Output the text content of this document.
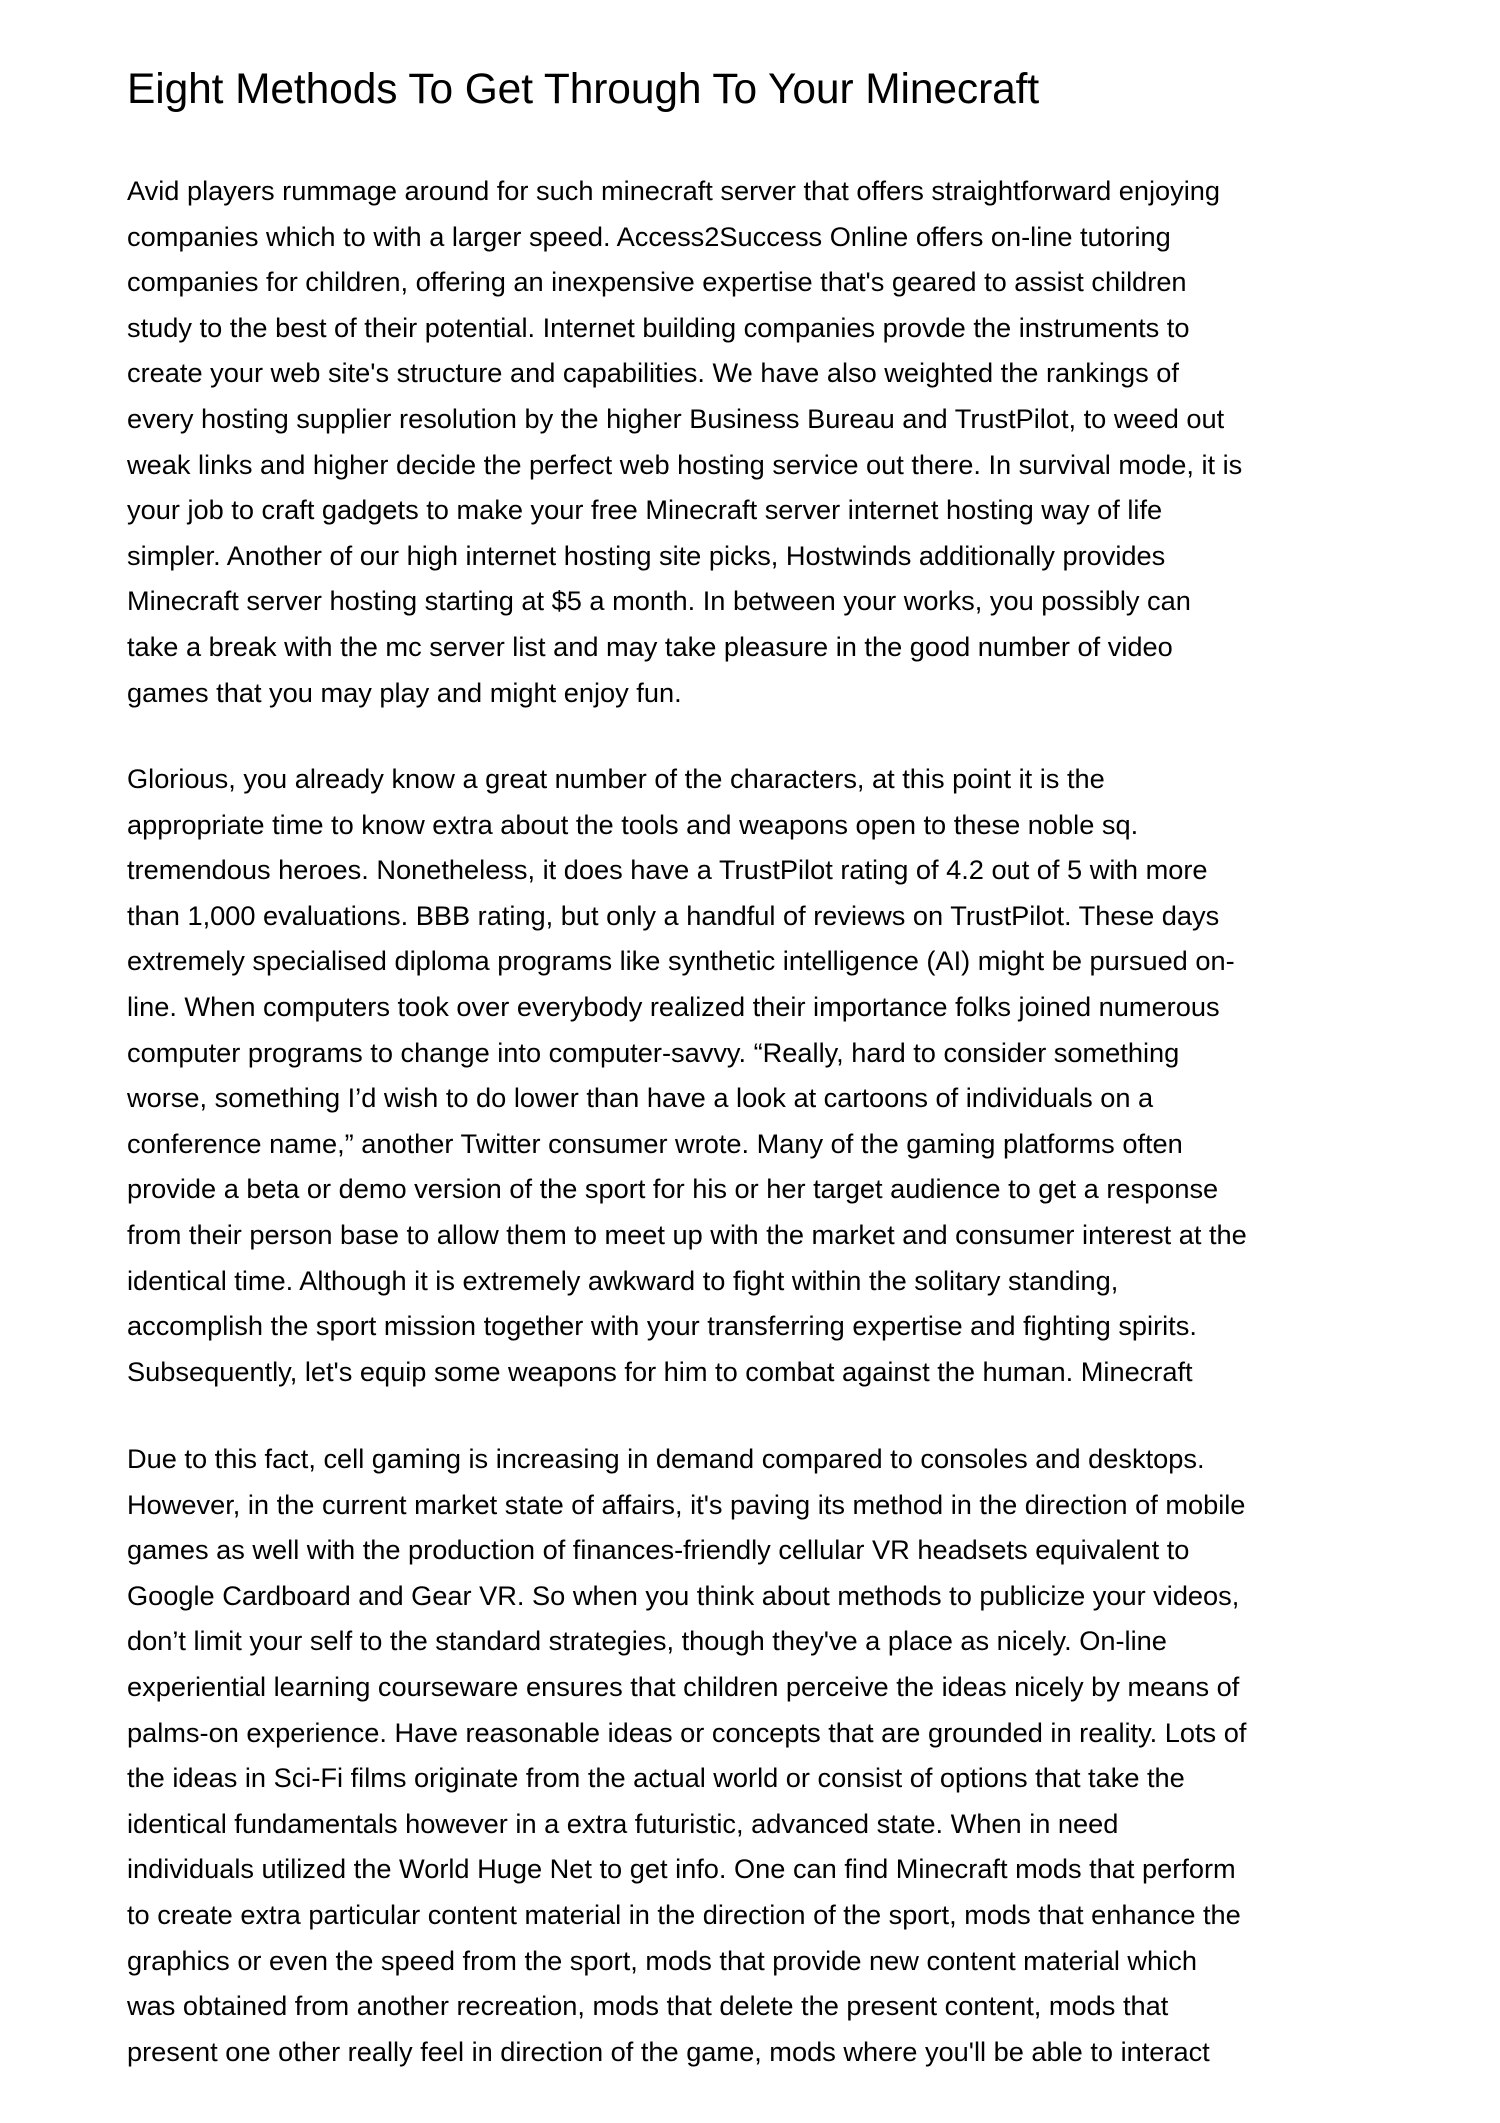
Eight Methods To Get Through To Your Minecraft

Avid players rummage around for such minecraft server that offers straightforward enjoying
companies which to with a larger speed. Access2Success Online offers on-line tutoring
companies for children, offering an inexpensive expertise that's geared to assist children
study to the best of their potential. Internet building companies provde the instruments to
create your web site's structure and capabilities. We have also weighted the rankings of
every hosting supplier resolution by the higher Business Bureau and TrustPilot, to weed out
weak links and higher decide the perfect web hosting service out there. In survival mode, it is
your job to craft gadgets to make your free Minecraft server internet hosting way of life
simpler. Another of our high internet hosting site picks, Hostwinds additionally provides
Minecraft server hosting starting at $5 a month. In between your works, you possibly can
take a break with the mc server list and may take pleasure in the good number of video
games that you may play and might enjoy fun.

Glorious, you already know a great number of the characters, at this point it is the
appropriate time to know extra about the tools and weapons open to these noble sq.
tremendous heroes. Nonetheless, it does have a TrustPilot rating of 4.2 out of 5 with more
than 1,000 evaluations. BBB rating, but only a handful of reviews on TrustPilot. These days
extremely specialised diploma programs like synthetic intelligence (AI) might be pursued on-
line. When computers took over everybody realized their importance folks joined numerous
computer programs to change into computer-savvy. “Really, hard to consider something
worse, something I’d wish to do lower than have a look at cartoons of individuals on a
conference name,” another Twitter consumer wrote. Many of the gaming platforms often
provide a beta or demo version of the sport for his or her target audience to get a response
from their person base to allow them to meet up with the market and consumer interest at the
identical time. Although it is extremely awkward to fight within the solitary standing,
accomplish the sport mission together with your transferring expertise and fighting spirits.
Subsequently, let's equip some weapons for him to combat against the human. Minecraft

Due to this fact, cell gaming is increasing in demand compared to consoles and desktops.
However, in the current market state of affairs, it's paving its method in the direction of mobile
games as well with the production of finances-friendly cellular VR headsets equivalent to
Google Cardboard and Gear VR. So when you think about methods to publicize your videos,
don’t limit your self to the standard strategies, though they've a place as nicely. On-line
experiential learning courseware ensures that children perceive the ideas nicely by means of
palms-on experience. Have reasonable ideas or concepts that are grounded in reality. Lots of
the ideas in Sci-Fi films originate from the actual world or consist of options that take the
identical fundamentals however in a extra futuristic, advanced state. When in need
individuals utilized the World Huge Net to get info. One can find Minecraft mods that perform
to create extra particular content material in the direction of the sport, mods that enhance the
graphics or even the speed from the sport, mods that provide new content material which
was obtained from another recreation, mods that delete the present content, mods that
present one other really feel in direction of the game, mods where you'll be able to interact
